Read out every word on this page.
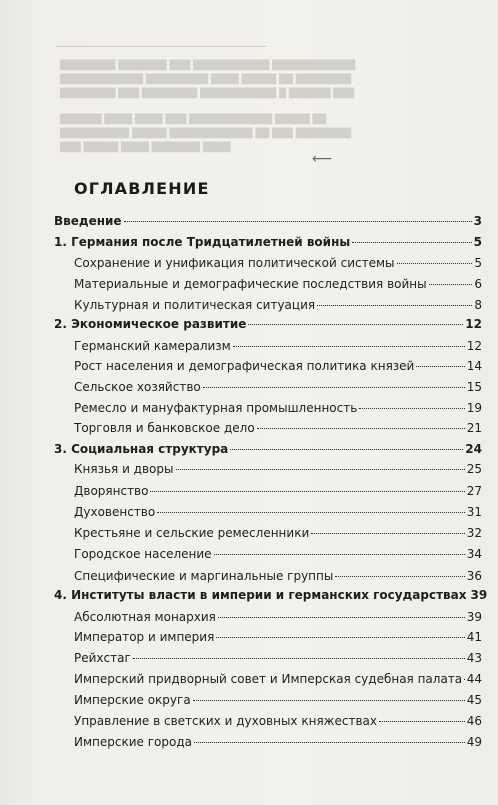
████████ ███████ ███ ███████████ ████████████
████████████ █████████ ████ █████ ██ ████████
████████ ███ ████████ ███████████ █ ██████ ███
██████ ████ ████ ███ ████████████ █████ ██
██████████ █████ ████████████ ██ ███ ████████
███ █████ ████ ███████ ████
⟵
ОГЛАВЛЕНИЕ
Введение	3
1. Германия после Тридцатилетней войны	5
Сохранение и унификация политической системы	5
Материальные и демографические последствия войны	6
Культурная и политическая ситуация	8
2. Экономическое развитие	12
Германский камерализм	12
Рост населения и демографическая политика князей	14
Сельское хозяйство	15
Ремесло и мануфактурная промышленность	19
Торговля и банковское дело	21
3. Социальная структура	24
Князья и дворы	25
Дворянство	27
Духовенство	31
Крестьяне и сельские ремесленники	32
Городское население	34
Специфические и маргинальные группы	36
4. Институты власти в империи и германских государствах 39
Абсолютная монархия	39
Император и империя	41
Рейхстаг	43
Имперский придворный совет и Имперская судебная палата 44
Имперские округа	45
Управление в светских и духовных княжествах	46
Имперские города	49
